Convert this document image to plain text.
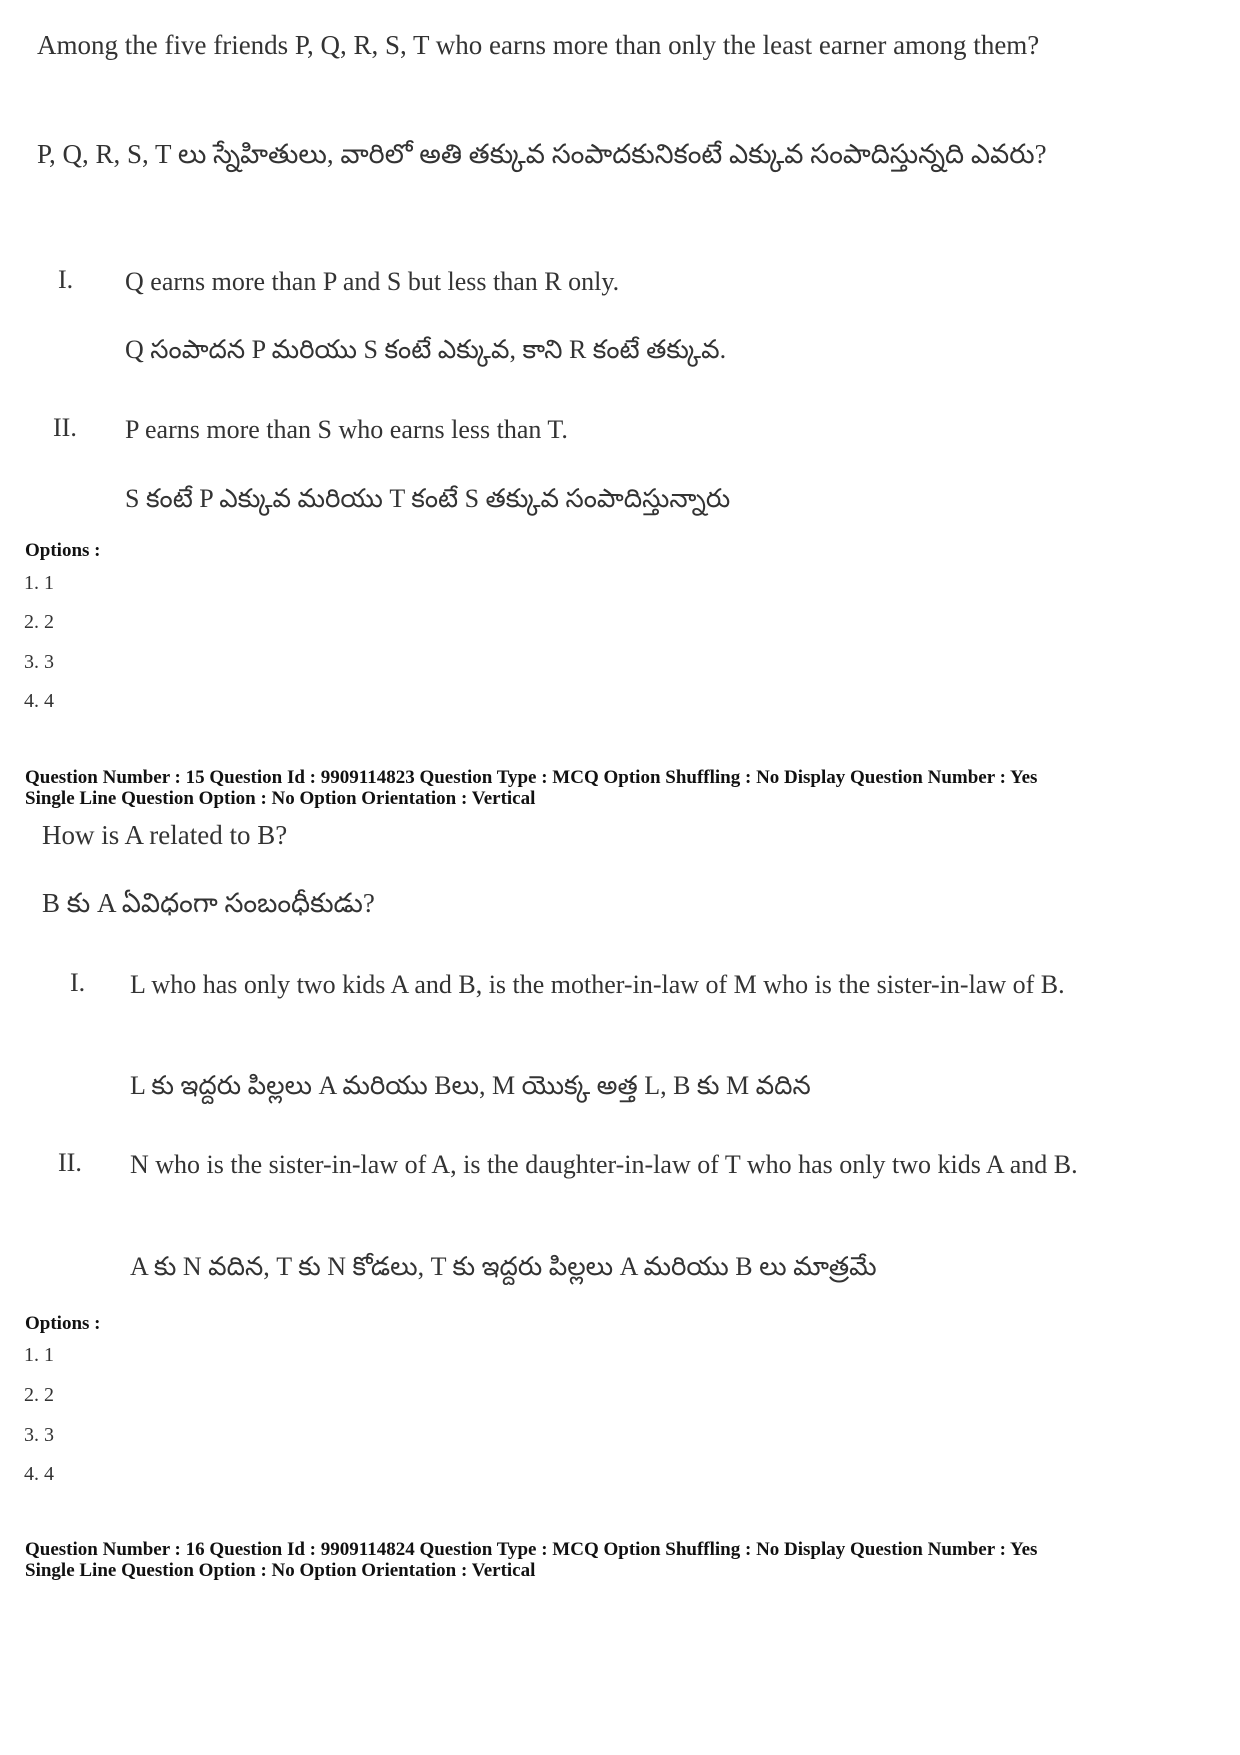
Among the five friends P, Q, R, S, T who earns more than only the least earner among them?
P, Q, R, S, T లు స్నేహితులు, వారిలో అతి తక్కువ సంపాదకునికంటే ఎక్కువ సంపాదిస్తున్నది ఎవరు?
I. Q earns more than P and S but less than R only.
Q సంపాదన P మరియు S కంటే ఎక్కువ, కాని R కంటే తక్కువ.
II. P earns more than S who earns less than T.
S కంటే P ఎక్కువ మరియు T కంటే S తక్కువ సంపాదిస్తున్నారు
Options :
1. 1
2. 2
3. 3
4. 4
Question Number : 15 Question Id : 9909114823 Question Type : MCQ Option Shuffling : No Display Question Number : Yes
Single Line Question Option : No Option Orientation : Vertical
How is A related to B?
B కు A ఏవిధంగా సంబంధీకుడు?
I. L who has only two kids A and B, is the mother-in-law of M who is the sister-in-law of B.
L కు ఇద్దరు పిల్లలు A మరియు Bలు, M యొక్క అత్త L, B కు M వదిన
II. N who is the sister-in-law of A, is the daughter-in-law of T who has only two kids A and B.
A కు N వదిన, T కు N కోడలు, T కు ఇద్దరు పిల్లలు A మరియు B లు మాత్రమే
Options :
1. 1
2. 2
3. 3
4. 4
Question Number : 16 Question Id : 9909114824 Question Type : MCQ Option Shuffling : No Display Question Number : Yes
Single Line Question Option : No Option Orientation : Vertical
